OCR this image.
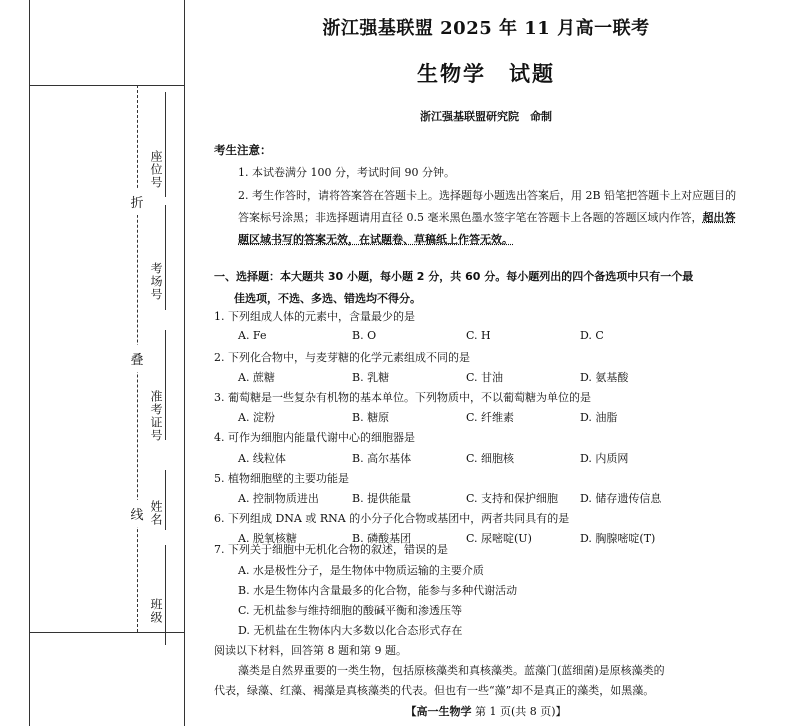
折
叠
线
座位号
考场号
准考证号
姓名
班级
浙江强基联盟 2025 年 11 月高一联考
生物学　试题
浙江强基联盟研究院　命制
考生注意：
1. 本试卷满分 100 分，考试时间 90 分钟。
2. 考生作答时，请将答案答在答题卡上。选择题每小题选出答案后，用 2B 铅笔把答题卡上对应题目的答案标号涂黑；非选择题请用直径 0.5 毫米黑色墨水签字笔在答题卡上各题的答题区域内作答，超出答题区域书写的答案无效，在试题卷、草稿纸上作答无效。
一、选择题：本大题共 30 小题，每小题 2 分，共 60 分。每小题列出的四个备选项中只有一个最
佳选项，不选、多选、错选均不得分。
1. 下列组成人体的元素中，含量最少的是
A. Fe	B. O	C. H	D. C
2. 下列化合物中，与麦芽糖的化学元素组成不同的是
A. 蔗糖	B. 乳糖	C. 甘油	D. 氨基酸
3. 葡萄糖是一些复杂有机物的基本单位。下列物质中，不以葡萄糖为单位的是
A. 淀粉	B. 糖原	C. 纤维素	D. 油脂
4. 可作为细胞内能量代谢中心的细胞器是
A. 线粒体	B. 高尔基体	C. 细胞核	D. 内质网
5. 植物细胞壁的主要功能是
A. 控制物质进出	B. 提供能量	C. 支持和保护细胞 D. 储存遗传信息
6. 下列组成 DNA 或 RNA 的小分子化合物或基团中，两者共同具有的是
A. 脱氧核糖	B. 磷酸基团	C. 尿嘧啶(U)	D. 胸腺嘧啶(T)
7. 下列关于细胞中无机化合物的叙述，错误的是
A. 水是极性分子，是生物体中物质运输的主要介质
B. 水是生物体内含量最多的化合物，能参与多种代谢活动
C. 无机盐参与维持细胞的酸碱平衡和渗透压等
D. 无机盐在生物体内大多数以化合态形式存在
阅读以下材料，回答第 8 题和第 9 题。
【高一生物学 第 1 页(共 8 页)】
藻类是自然界重要的一类生物，包括原核藻类和真核藻类。蓝藻门(蓝细菌)是原核藻类的
代表，绿藻、红藻、褐藻是真核藻类的代表。但也有一些“藻”却不是真正的藻类，如黑藻。
